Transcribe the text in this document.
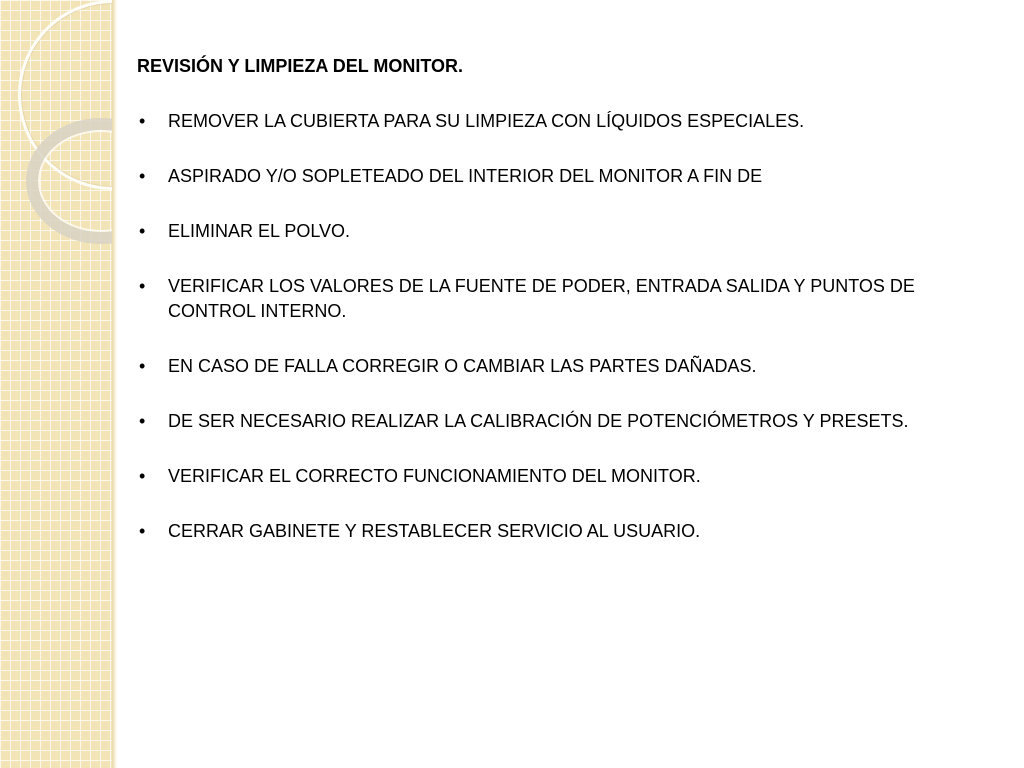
REVISIÓN Y LIMPIEZA DEL MONITOR.
• REMOVER LA CUBIERTA PARA SU LIMPIEZA CON LÍQUIDOS ESPECIALES.
• ASPIRADO Y/O SOPLETEADO DEL INTERIOR DEL MONITOR A FIN DE
• ELIMINAR EL POLVO.
• VERIFICAR LOS VALORES DE LA FUENTE DE PODER, ENTRADA SALIDA Y PUNTOS DE CONTROL INTERNO.
• EN CASO DE FALLA CORREGIR O CAMBIAR LAS PARTES DAÑADAS.
• DE SER NECESARIO REALIZAR LA CALIBRACIÓN DE POTENCIÓMETROS Y PRESETS.
• VERIFICAR EL CORRECTO FUNCIONAMIENTO DEL MONITOR.
• CERRAR GABINETE Y RESTABLECER SERVICIO AL USUARIO.
